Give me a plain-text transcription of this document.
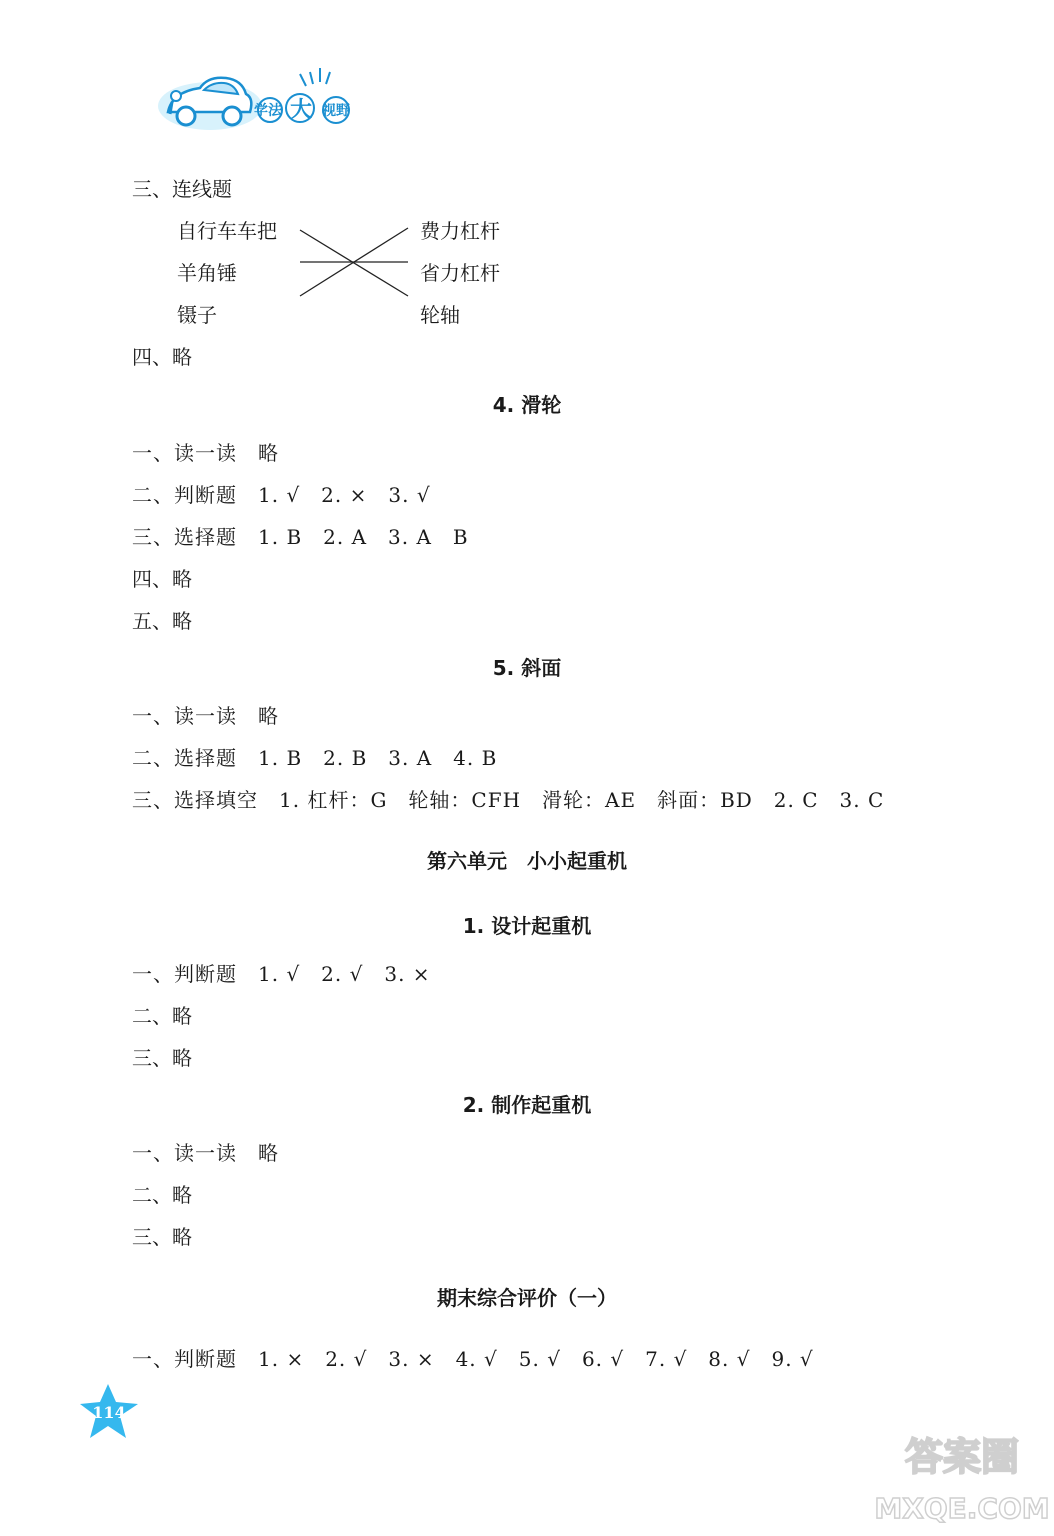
学法 大 视野
三、连线题
自行车车把
羊角锤
镊子
费力杠杆
省力杠杆
轮轴
四、略
4. 滑轮
一、读一读　略
二、判断题　1. √　2. ×　3. √
三、选择题　1. B　2. A　3. A　B
四、略
五、略
5. 斜面
一、读一读　略
二、选择题　1. B　2. B　3. A　4. B
三、选择填空　1. 杠杆：G　轮轴：CFH　滑轮：AE　斜面：BD　2. C　3. C
第六单元　小小起重机
1. 设计起重机
一、判断题　1. √　2. √　3. ×
二、略
三、略
2. 制作起重机
一、读一读　略
二、略
三、略
期末综合评价（一）
一、判断题　1. ×　2. √　3. ×　4. √　5. √　6. √　7. √　8. √　9. √
114
答案圈
MXQE.COM
